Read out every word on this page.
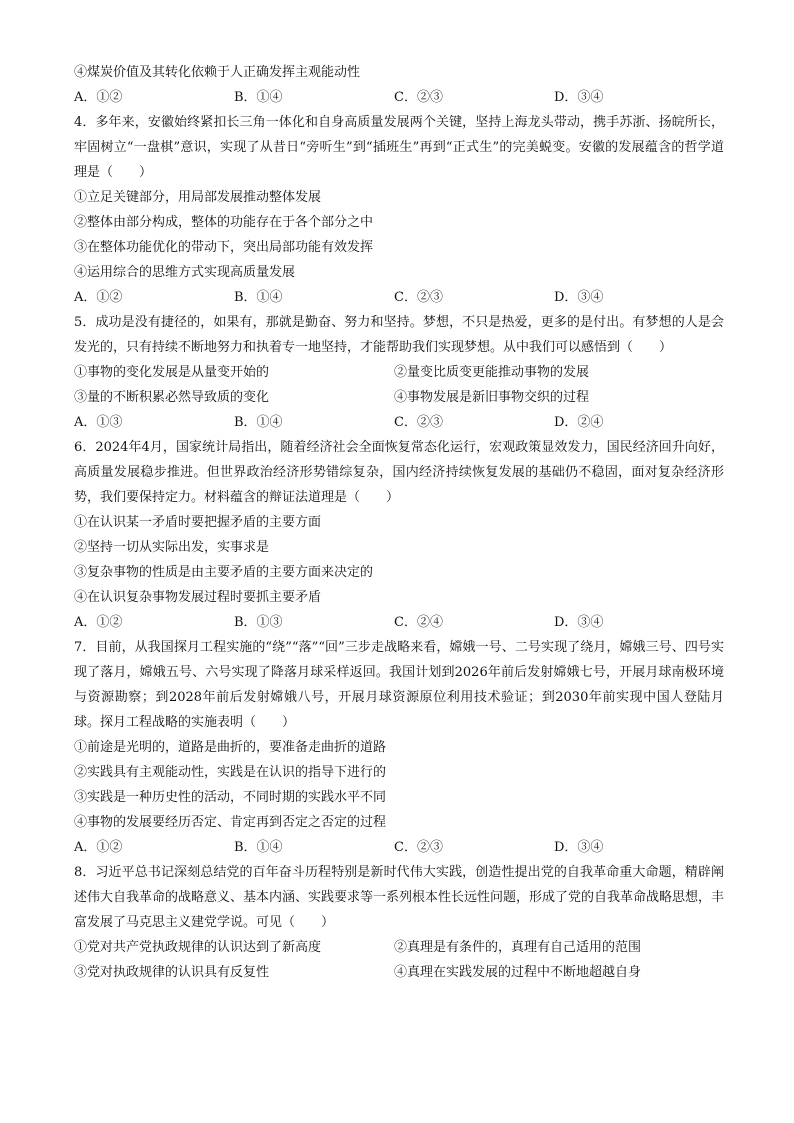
④煤炭价值及其转化依赖于人正确发挥主观能动性
A．①②	B．①④	C．②③	D．③④
4．多年来，安徽始终紧扣长三角一体化和自身高质量发展两个关键，坚持上海龙头带动，携手苏浙、扬皖所长，牢固树立“一盘棋”意识，实现了从昔日“旁听生”到“插班生”再到“正式生”的完美蜕变。安徽的发展蕴含的哲学道理是（　　）
①立足关键部分，用局部发展推动整体发展
②整体由部分构成，整体的功能存在于各个部分之中
③在整体功能优化的带动下，突出局部功能有效发挥
④运用综合的思维方式实现高质量发展
A．①②	B．①④	C．②③	D．③④
5．成功是没有捷径的，如果有，那就是勤奋、努力和坚持。梦想，不只是热爱，更多的是付出。有梦想的人是会发光的，只有持续不断地努力和执着专一地坚持，才能帮助我们实现梦想。从中我们可以感悟到（　　）
①事物的变化发展是从量变开始的	②量变比质变更能推动事物的发展
③量的不断积累必然导致质的变化	④事物发展是新旧事物交织的过程
A．①③	B．①④	C．②③	D．②④
6．2024年4月，国家统计局指出，随着经济社会全面恢复常态化运行，宏观政策显效发力，国民经济回升向好，高质量发展稳步推进。但世界政治经济形势错综复杂，国内经济持续恢复发展的基础仍不稳固，面对复杂经济形势，我们要保持定力。材料蕴含的辩证法道理是（　　）
①在认识某一矛盾时要把握矛盾的主要方面
②坚持一切从实际出发，实事求是
③复杂事物的性质是由主要矛盾的主要方面来决定的
④在认识复杂事物发展过程时要抓主要矛盾
A．①②	B．①③	C．②④	D．③④
7．目前，从我国探月工程实施的“绕”“落”“回”三步走战略来看，嫦娥一号、二号实现了绕月，嫦娥三号、四号实现了落月，嫦娥五号、六号实现了降落月球采样返回。我国计划到2026年前后发射嫦娥七号，开展月球南极环境与资源勘察；到2028年前后发射嫦娥八号，开展月球资源原位利用技术验证；到2030年前实现中国人登陆月球。探月工程战略的实施表明（　　）
①前途是光明的，道路是曲折的，要准备走曲折的道路
②实践具有主观能动性，实践是在认识的指导下进行的
③实践是一种历史性的活动，不同时期的实践水平不同
④事物的发展要经历否定、肯定再到否定之否定的过程
A．①②	B．①④	C．②③	D．③④
8．习近平总书记深刻总结党的百年奋斗历程特别是新时代伟大实践，创造性提出党的自我革命重大命题，精辟阐述伟大自我革命的战略意义、基本内涵、实践要求等一系列根本性长远性问题，形成了党的自我革命战略思想，丰富发展了马克思主义建党学说。可见（　　）
①党对共产党执政规律的认识达到了新高度	②真理是有条件的，真理有自己适用的范围
③党对执政规律的认识具有反复性	④真理在实践发展的过程中不断地超越自身
